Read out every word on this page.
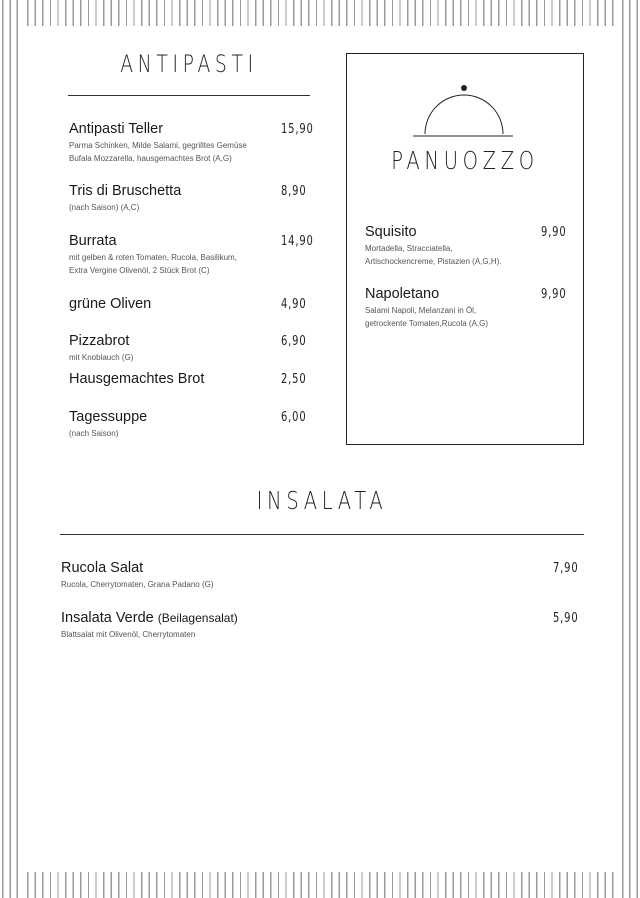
ANTIPASTI
Antipasti Teller
Parma Schinken, Milde Salami, gegrilltes Gemüse
Bufala Mozzarella, hausgemachtes Brot (A,G)
15,90
Tris di Bruschetta
(nach Saison) (A,C)
8,90
Burrata
mit gelben & roten Tomaten, Rucola, Basilikum,
Extra Vergine Olivenöl, 2 Stück Brot (C)
14,90
grüne Oliven	4,90
Pizzabrot
mit Knoblauch (G)
6,90
Hausgemachtes Brot	2,50
Tagessuppe
(nach Saison)
6,00
PANUOZZO
Squisito
Mortadella, Stracciatella,
Artischockencreme, Pistazien (A,G,H).
9,90
Napoletano
Salami Napoli, Melanzani in Öl,
getrockente Tomaten,Rucola (A,G)
9,90
INSALATA
Rucola Salat
Rucola, Cherrytomaten, Grana Padano (G)
7,90
Insalata Verde (Beilagensalat)
Blattsalat mit Olivenöl, Cherrytomaten
5,90
